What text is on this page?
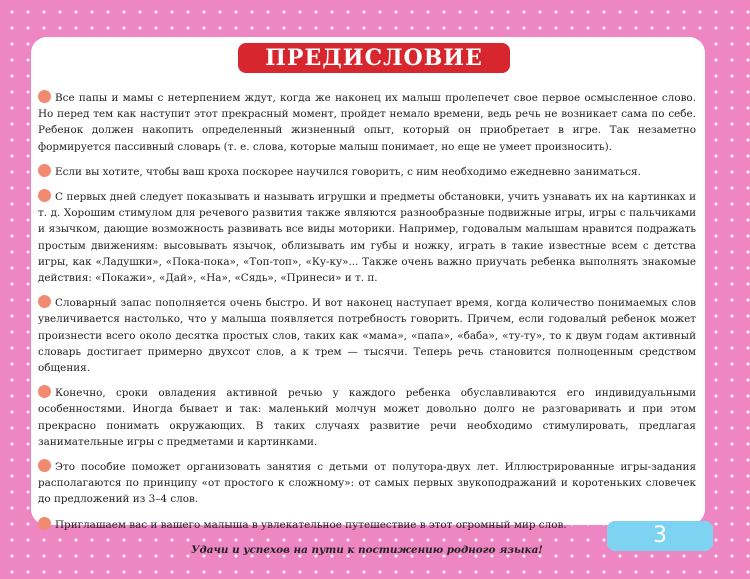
ПРЕДИСЛОВИЕ

Все папы и мамы с нетерпением ждут, когда же наконец их малыш пролепечет свое первое осмысленное слово. Но перед тем как наступит этот прекрасный момент, пройдет немало времени, ведь речь не возникает сама по себе. Ребенок должен накопить определенный жизненный опыт, который он приобретает в игре. Так незаметно формируется пассивный словарь (т. е. слова, которые малыш понимает, но еще не умеет произносить).

Если вы хотите, чтобы ваш кроха поскорее научился говорить, с ним необходимо ежедневно заниматься.

С первых дней следует показывать и называть игрушки и предметы обстановки, учить узнавать их на картинках и т. д. Хорошим стимулом для речевого развития также являются разнообразные подвижные игры, игры с пальчиками и язычком, дающие возможность развивать все виды моторики. Например, годовалым малышам нравится подражать простым движениям: высовывать язычок, облизывать им губы и ножку, играть в такие известные всем с детства игры, как «Ладушки», «Пока-пока», «Топ-топ», «Ку-ку»... Также очень важно приучать ребенка выполнять знакомые действия: «Покажи», «Дай», «На», «Сядь», «Принеси» и т. п.

Словарный запас пополняется очень быстро. И вот наконец наступает время, когда количество понимаемых слов увеличивается настолько, что у малыша появляется потребность говорить. Причем, если годовалый ребенок может произнести всего около десятка простых слов, таких как «мама», «папа», «баба», «ту-ту», то к двум годам активный словарь достигает примерно двухсот слов, а к трем — тысячи. Теперь речь становится полноценным средством общения.

Конечно, сроки овладения активной речью у каждого ребенка обуславливаются его индивидуальными особенностями. Иногда бывает и так: маленький молчун может довольно долго не разговаривать и при этом прекрасно понимать окружающих. В таких случаях развитие речи необходимо стимулировать, предлагая занимательные игры с предметами и картинками.

Это пособие поможет организовать занятия с детьми от полутора-двух лет. Иллюстрированные игры-задания располагаются по принципу «от простого к сложному»: от самых первых звукоподражаний и коротеньких словечек до предложений из 3–4 слов.

Приглашаем вас и вашего малыша в увлекательное путешествие в этот огромный мир слов.

Удачи и успехов на пути к постижению родного языка!
3
